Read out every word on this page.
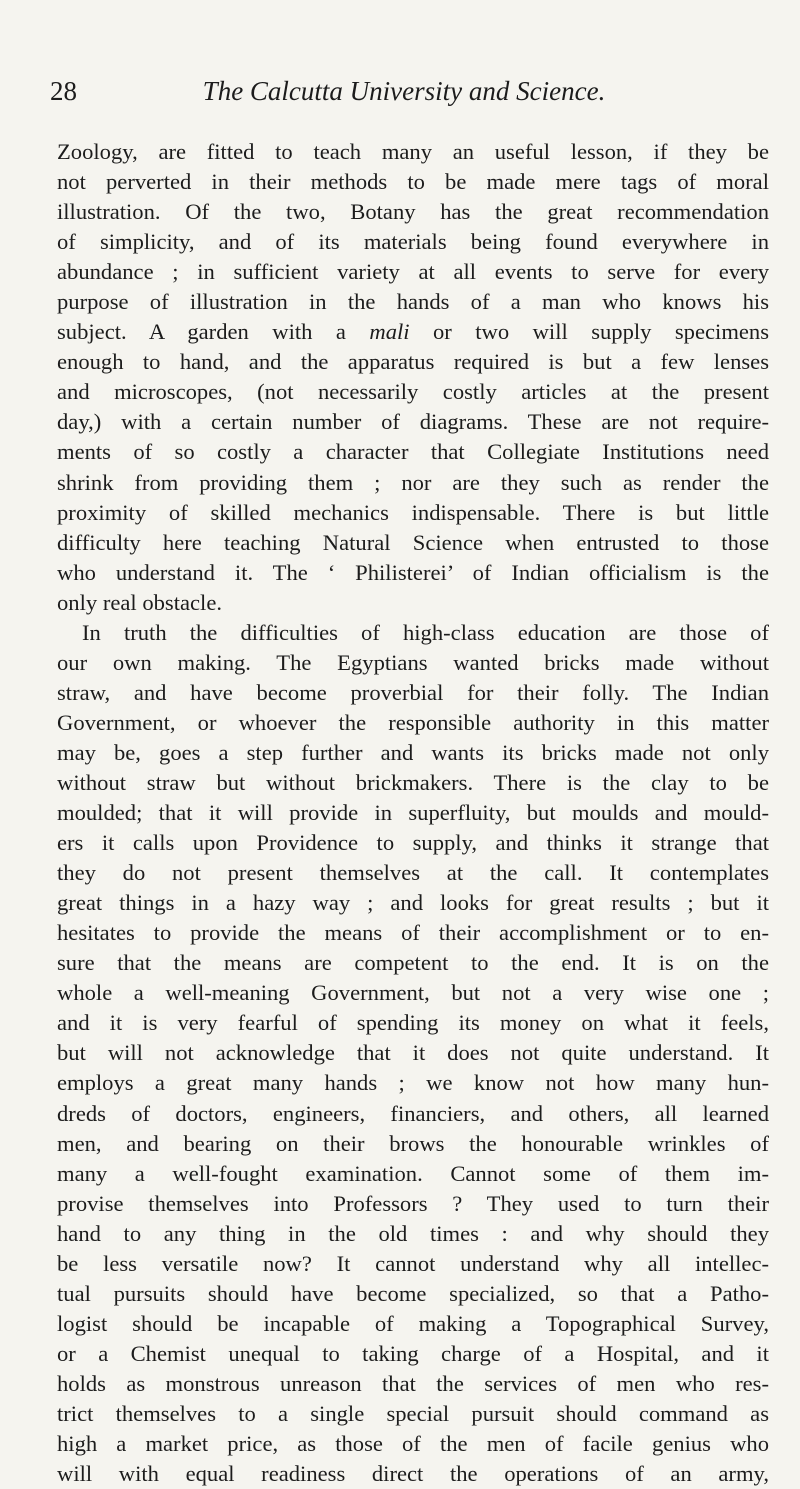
28	The Calcutta University and Science.
Zoology, are fitted to teach many an useful lesson, if they be
not perverted in their methods to be made mere tags of moral
illustration. Of the two, Botany has the great recommendation
of simplicity, and of its materials being found everywhere in
abundance ; in sufficient variety at all events to serve for every
purpose of illustration in the hands of a man who knows his
subject. A garden with a mali or two will supply specimens
enough to hand, and the apparatus required is but a few lenses
and microscopes, (not necessarily costly articles at the present
day,) with a certain number of diagrams. These are not require-
ments of so costly a character that Collegiate Institutions need
shrink from providing them ; nor are they such as render the
proximity of skilled mechanics indispensable. There is but little
difficulty here teaching Natural Science when entrusted to those
who understand it. The ‘ Philisterei’ of Indian officialism is the
only real obstacle.
In truth the difficulties of high-class education are those of
our own making. The Egyptians wanted bricks made without
straw, and have become proverbial for their folly. The Indian
Government, or whoever the responsible authority in this matter
may be, goes a step further and wants its bricks made not only
without straw but without brickmakers. There is the clay to be
moulded; that it will provide in superfluity, but moulds and mould-
ers it calls upon Providence to supply, and thinks it strange that
they do not present themselves at the call. It contemplates
great things in a hazy way ; and looks for great results ; but it
hesitates to provide the means of their accomplishment or to en-
sure that the means are competent to the end. It is on the
whole a well-meaning Government, but not a very wise one ;
and it is very fearful of spending its money on what it feels,
but will not acknowledge that it does not quite understand. It
employs a great many hands ; we know not how many hun-
dreds of doctors, engineers, financiers, and others, all learned
men, and bearing on their brows the honourable wrinkles of
many a well-fought examination. Cannot some of them im-
provise themselves into Professors ? They used to turn their
hand to any thing in the old times : and why should they
be less versatile now? It cannot understand why all intellec-
tual pursuits should have become specialized, so that a Patho-
logist should be incapable of making a Topographical Survey,
or a Chemist unequal to taking charge of a Hospital, and it
holds as monstrous unreason that the services of men who res-
trict themselves to a single special pursuit should command as
high a market price, as those of the men of facile genius who
will with equal readiness direct the operations of an army,
